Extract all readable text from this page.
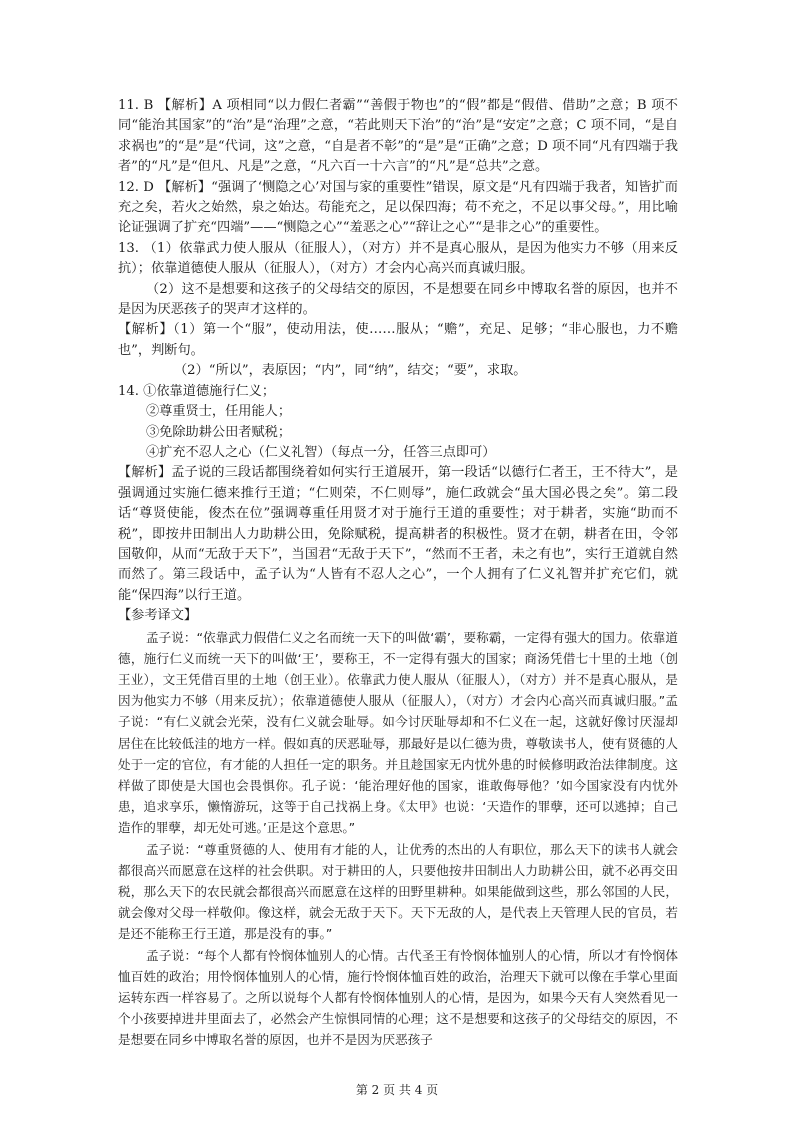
11. B 【解析】A 项相同“以力假仁者霸”“善假于物也”的“假”都是“假借、借助”之意；B 项不同“能治其国家”的“治”是“治理”之意，“若此则天下治”的“治”是“安定”之意；C 项不同，“是自求祸也”的“是”是“代词，这”之意，“自是者不彰”的“是”是“正确”之意；D 项不同“凡有四端于我者”的“凡”是“但凡、凡是”之意，“凡六百一十六言”的“凡”是“总共”之意。

12. D 【解析】“强调了‘恻隐之心’对国与家的重要性”错误，原文是“凡有四端于我者，知皆扩而充之矣，若火之始然，泉之始达。苟能充之，足以保四海；苟不充之，不足以事父母。”，用比喻论证强调了扩充“四端”——“恻隐之心”“羞恶之心”“辞让之心”“是非之心”的重要性。

13. （1）依靠武力使人服从（征服人），（对方）并不是真心服从，是因为他实力不够（用来反抗）；依靠道德使人服从（征服人），（对方）才会内心高兴而真诚归服。

（2）这不是想要和这孩子的父母结交的原因，不是想要在同乡中博取名誉的原因，也并不是因为厌恶孩子的哭声才这样的。

【解析】（1）第一个“服”，使动用法，使……服从；“赡”，充足、足够；“非心服也，力不赡也”，判断句。

（2）“所以”，表原因；“内”，同“纳”，结交；“要”，求取。

14. ①依靠道德施行仁义；

②尊重贤士，任用能人；

③免除助耕公田者赋税；

④扩充不忍人之心（仁义礼智）（每点一分，任答三点即可）

【解析】孟子说的三段话都围绕着如何实行王道展开，第一段话“以德行仁者王，王不待大”，是强调通过实施仁德来推行王道；“仁则荣，不仁则辱”，施仁政就会“虽大国必畏之矣”。第二段话“尊贤使能，俊杰在位”强调尊重任用贤才对于施行王道的重要性；对于耕者，实施“助而不税”，即按井田制出人力助耕公田，免除赋税，提高耕者的积极性。贤才在朝，耕者在田，令邻国敬仰，从而“无敌于天下”，当国君“无敌于天下”，“然而不王者，未之有也”，实行王道就自然而然了。第三段话中，孟子认为“人皆有不忍人之心”，一个人拥有了仁义礼智并扩充它们，就能“保四海”以行王道。

【参考译文】

孟子说：“依靠武力假借仁义之名而统一天下的叫做‘霸’，要称霸，一定得有强大的国力。依靠道德，施行仁义而统一天下的叫做‘王’，要称王，不一定得有强大的国家；商汤凭借七十里的土地（创王业），文王凭借百里的土地（创王业）。依靠武力使人服从（征服人），（对方）并不是真心服从，是因为他实力不够（用来反抗）；依靠道德使人服从（征服人），（对方）才会内心高兴而真诚归服。”孟子说：“有仁义就会光荣，没有仁义就会耻辱。如今讨厌耻辱却和不仁义在一起，这就好像讨厌湿却居住在比较低洼的地方一样。假如真的厌恶耻辱，那最好是以仁德为贵，尊敬读书人，使有贤德的人处于一定的官位，有才能的人担任一定的职务。并且趁国家无内忧外患的时候修明政治法律制度。这样做了即使是大国也会畏惧你。孔子说：‘能治理好他的国家，谁敢侮辱他？’如今国家没有内忧外患，追求享乐，懒惰游玩，这等于自己找祸上身。《太甲》也说：‘天造作的罪孽，还可以逃掉；自己造作的罪孽，却无处可逃。’正是这个意思。”

孟子说：“尊重贤德的人、使用有才能的人，让优秀的杰出的人有职位，那么天下的读书人就会都很高兴而愿意在这样的社会供职。对于耕田的人，只要他按井田制出人力助耕公田，就不必再交田税，那么天下的农民就会都很高兴而愿意在这样的田野里耕种。如果能做到这些，那么邻国的人民，就会像对父母一样敬仰。像这样，就会无敌于天下。天下无敌的人，是代表上天管理人民的官员，若是还不能称王行王道，那是没有的事。”

孟子说：“每个人都有怜悯体恤别人的心情。古代圣王有怜悯体恤别人的心情，所以才有怜悯体恤百姓的政治；用怜悯体恤别人的心情，施行怜悯体恤百姓的政治，治理天下就可以像在手掌心里面运转东西一样容易了。之所以说每个人都有怜悯体恤别人的心情，是因为，如果今天有人突然看见一个小孩要掉进井里面去了，必然会产生惊惧同情的心理；这不是想要和这孩子的父母结交的原因，不是想要在同乡中博取名誉的原因，也并不是因为厌恶孩子

第 2 页 共 4 页
